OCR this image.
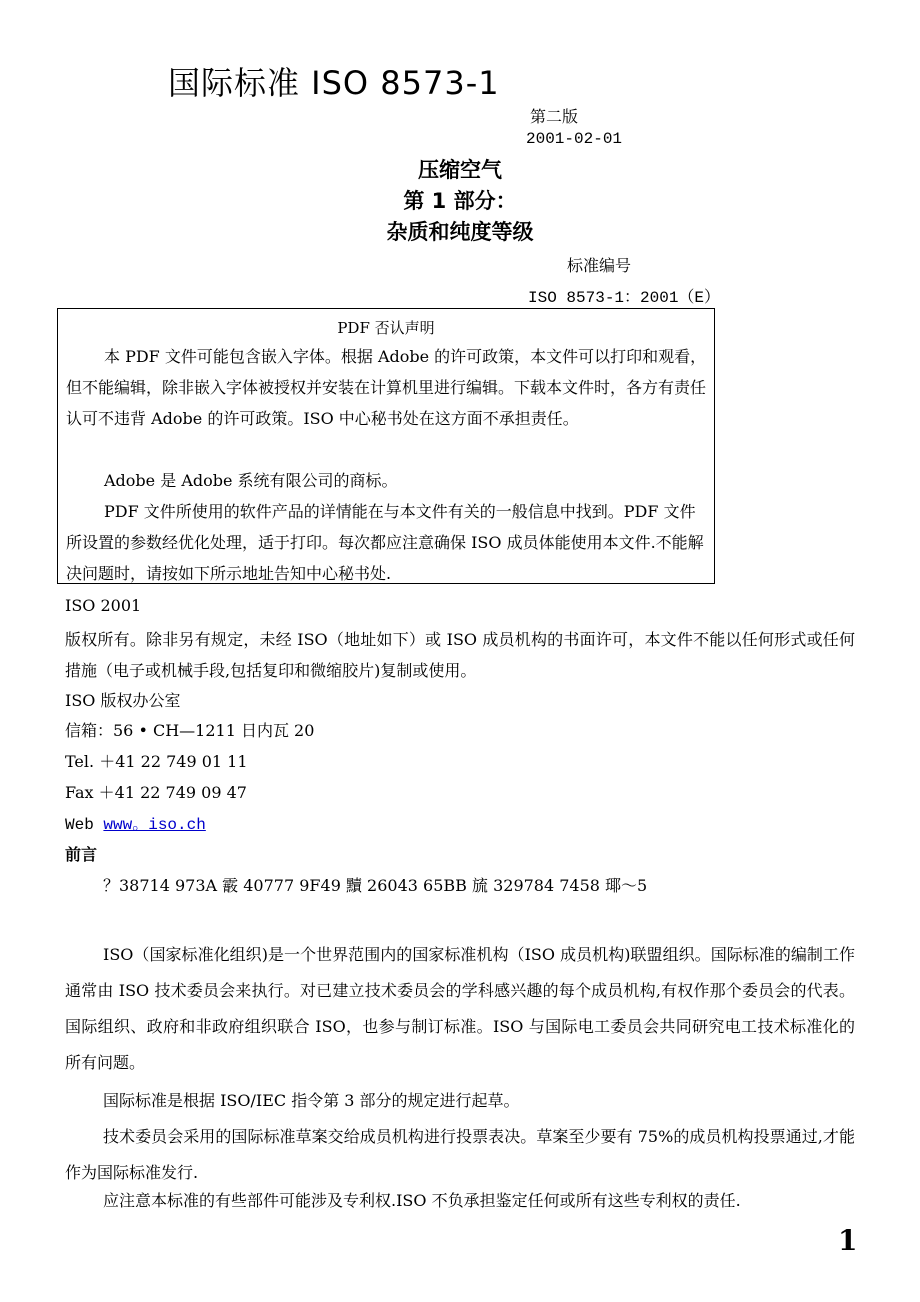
国际标准 ISO 8573-1
第二版
2001-02-01
压缩空气
第 1 部分：
杂质和纯度等级
标准编号
ISO 8573-1：2001（E）
PDF 否认声明
本 PDF 文件可能包含嵌入字体。根据 Adobe 的许可政策，本文件可以打印和观看，但不能编辑，除非嵌入字体被授权并安装在计算机里进行编辑。下载本文件时，各方有责任认可不违背 Adobe 的许可政策。ISO 中心秘书处在这方面不承担责任。
Adobe 是 Adobe 系统有限公司的商标。
PDF 文件所使用的软件产品的详情能在与本文件有关的一般信息中找到。PDF 文件所设置的参数经优化处理，适于打印。每次都应注意确保 ISO 成员体能使用本文件.不能解决问题时，请按如下所示地址告知中心秘书处.
ISO 2001
版权所有。除非另有规定，未经 ISO（地址如下）或 ISO 成员机构的书面许可，本文件不能以任何形式或任何措施（电子或机械手段,包括复印和微缩胶片)复制或使用。
ISO 版权办公室
信箱：56 • CH—1211 日内瓦 20
Tel. ＋41 22 749 01 11
Fax ＋41 22 749 09 47
Web www。iso.ch
前言
？38714 973A 霰 40777 9F49 黷 26043 65BB 旈 329784 7458 瑘～5
ISO（国家标准化组织)是一个世界范围内的国家标准机构（ISO 成员机构)联盟组织。国际标准的编制工作通常由 ISO 技术委员会来执行。对已建立技术委员会的学科感兴趣的每个成员机构,有权作那个委员会的代表。国际组织、政府和非政府组织联合 ISO，也参与制订标准。ISO 与国际电工委员会共同研究电工技术标准化的所有问题。
国际标准是根据 ISO/IEC 指令第 3 部分的规定进行起草。
技术委员会采用的国际标准草案交给成员机构进行投票表决。草案至少要有 75%的成员机构投票通过,才能作为国际标准发行.
应注意本标准的有些部件可能涉及专利权.ISO 不负承担鉴定任何或所有这些专利权的责任.
1
